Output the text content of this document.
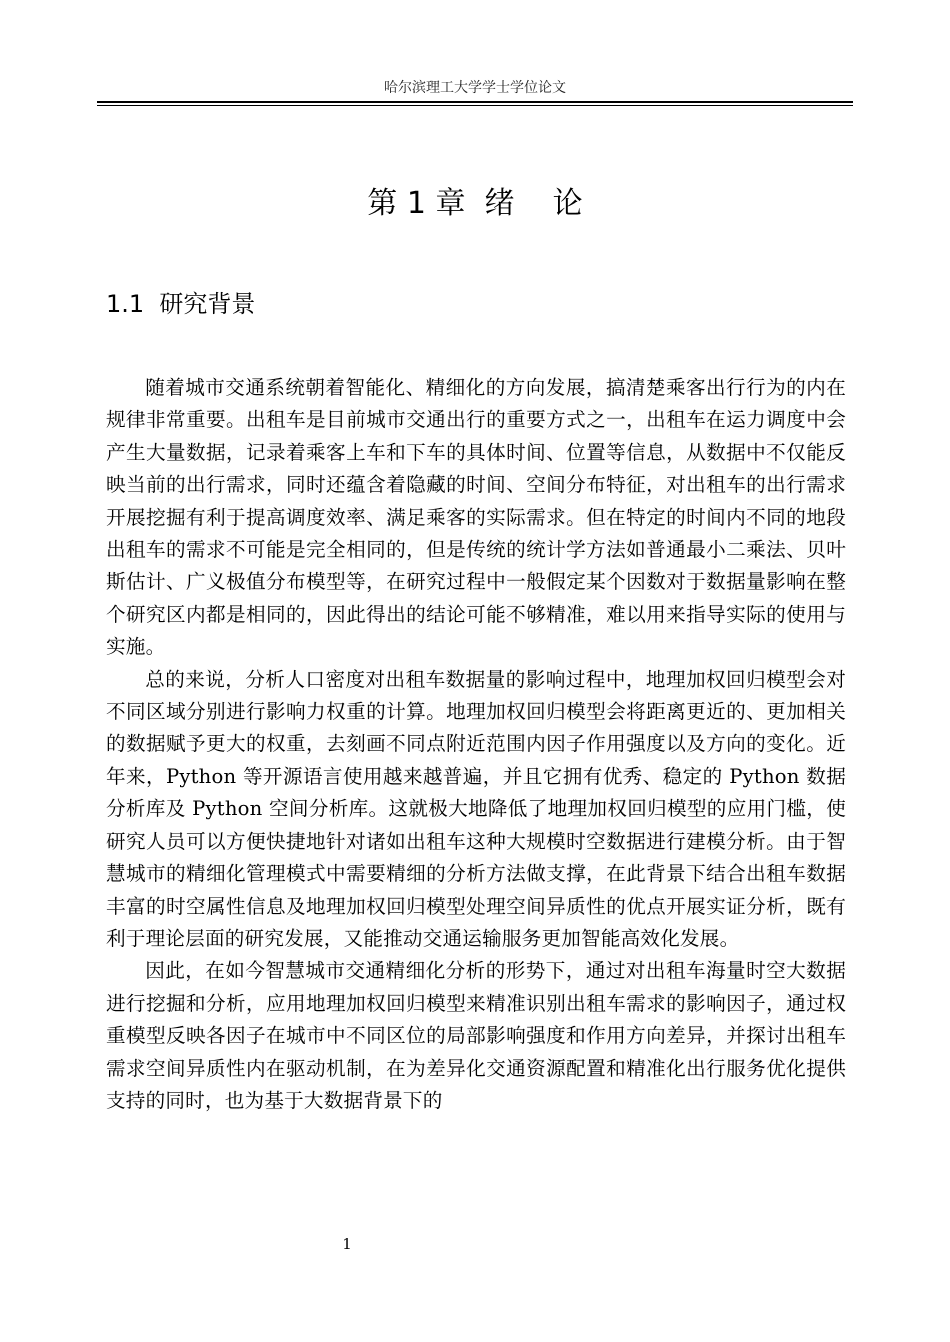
哈尔滨理工大学学士学位论文
第 1 章  绪    论
1.1  研究背景

随着城市交通系统朝着智能化、精细化的方向发展，搞清楚乘客出行行为的内在规律非常重要。出租车是目前城市交通出行的重要方式之一，出租车在运力调度中会产生大量数据，记录着乘客上车和下车的具体时间、位置等信息，从数据中不仅能反映当前的出行需求，同时还蕴含着隐藏的时间、空间分布特征，对出租车的出行需求开展挖掘有利于提高调度效率、满足乘客的实际需求。但在特定的时间内不同的地段出租车的需求不可能是完全相同的，但是传统的统计学方法如普通最小二乘法、贝叶斯估计、广义极值分布模型等，在研究过程中一般假定某个因数对于数据量影响在整个研究区内都是相同的，因此得出的结论可能不够精准，难以用来指导实际的使用与实施。

总的来说，分析人口密度对出租车数据量的影响过程中，地理加权回归模型会对不同区域分别进行影响力权重的计算。地理加权回归模型会将距离更近的、更加相关的数据赋予更大的权重，去刻画不同点附近范围内因子作用强度以及方向的变化。近年来，Python 等开源语言使用越来越普遍，并且它拥有优秀、稳定的 Python 数据分析库及 Python 空间分析库。这就极大地降低了地理加权回归模型的应用门槛，使研究人员可以方便快捷地针对诸如出租车这种大规模时空数据进行建模分析。由于智慧城市的精细化管理模式中需要精细的分析方法做支撑，在此背景下结合出租车数据丰富的时空属性信息及地理加权回归模型处理空间异质性的优点开展实证分析，既有利于理论层面的研究发展，又能推动交通运输服务更加智能高效化发展。

因此，在如今智慧城市交通精细化分析的形势下，通过对出租车海量时空大数据进行挖掘和分析，应用地理加权回归模型来精准识别出租车需求的影响因子，通过权重模型反映各因子在城市中不同区位的局部影响强度和作用方向差异，并探讨出租车需求空间异质性内在驱动机制，在为差异化交通资源配置和精准化出行服务优化提供支持的同时，也为基于大数据背景下的

1
